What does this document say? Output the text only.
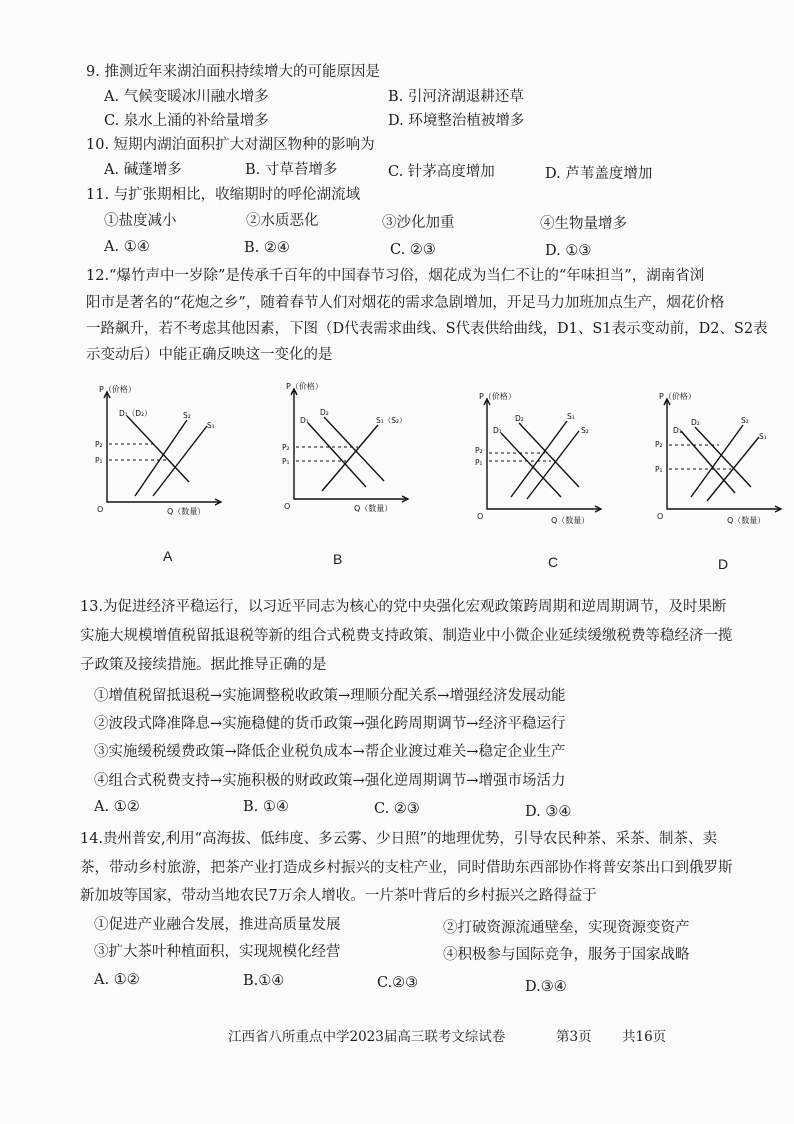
9. 推测近年来湖泊面积持续增大的可能原因是
A. 气候变暖冰川融水增多	B. 引河济湖退耕还草
C. 泉水上涌的补给量增多	D. 环境整治植被增多
10. 短期内湖泊面积扩大对湖区物种的影响为
A. 碱蓬增多	B. 寸草苔增多	C. 针茅高度增加	D. 芦苇盖度增加
11. 与扩张期相比，收缩期时的呼伦湖流域
①盐度减小	②水质恶化	③沙化加重	④生物量增多
A. ①④	B. ②④	C. ②③	D. ①③
12.“爆竹声中一岁除”是传承千百年的中国春节习俗，烟花成为当仁不让的“年味担当”，湖南省浏
阳市是著名的“花炮之乡”，随着春节人们对烟花的需求急剧增加，开足马力加班加点生产，烟花价格
一路飙升，若不考虑其他因素，下图（D代表需求曲线、S代表供给曲线，D1、S1表示变动前，D2、S2表
示变动后）中能正确反映这一变化的是
P（价格）
Q（数量）
O
D₁（D₂）	S₂
S₁
P₂
P₁
P（价格）
Q（数量）
O
D₁
D₂
S₁（S₂）
P₂
P₁
P（价格）
Q（数量）
O
D₁
D₂	S₁
S₂
P₂
P₁
P（价格）
Q（数量）
O
D₁
D₂	S₂
S₁
P₂
P₁
A	B	C	D
13.为促进经济平稳运行，以习近平同志为核心的党中央强化宏观政策跨周期和逆周期调节，及时果断
实施大规模增值税留抵退税等新的组合式税费支持政策、制造业中小微企业延续缓缴税费等稳经济一揽
子政策及接续措施。据此推导正确的是
①增值税留抵退税→实施调整税收政策→理顺分配关系→增强经济发展动能
②波段式降准降息→实施稳健的货币政策→强化跨周期调节→经济平稳运行
③实施缓税缓费政策→降低企业税负成本→帮企业渡过难关→稳定企业生产
④组合式税费支持→实施积极的财政政策→强化逆周期调节→增强市场活力
A. ①②	B. ①④	C. ②③	D. ③④
14.贵州普安,利用“高海拔、低纬度、多云雾、少日照”的地理优势，引导农民种茶、采茶、制茶、卖
茶，带动乡村旅游，把茶产业打造成乡村振兴的支柱产业，同时借助东西部协作将普安茶出口到俄罗斯
新加坡等国家，带动当地农民7万余人增收。一片茶叶背后的乡村振兴之路得益于
①促进产业融合发展，推进高质量发展	②打破资源流通壁垒，实现资源变资产
③扩大茶叶种植面积，实现规模化经营	④积极参与国际竞争，服务于国家战略
A. ①②	B.①④	C.②③	D.③④
江西省八所重点中学2023届高三联考文综试卷	第3页 共16页
